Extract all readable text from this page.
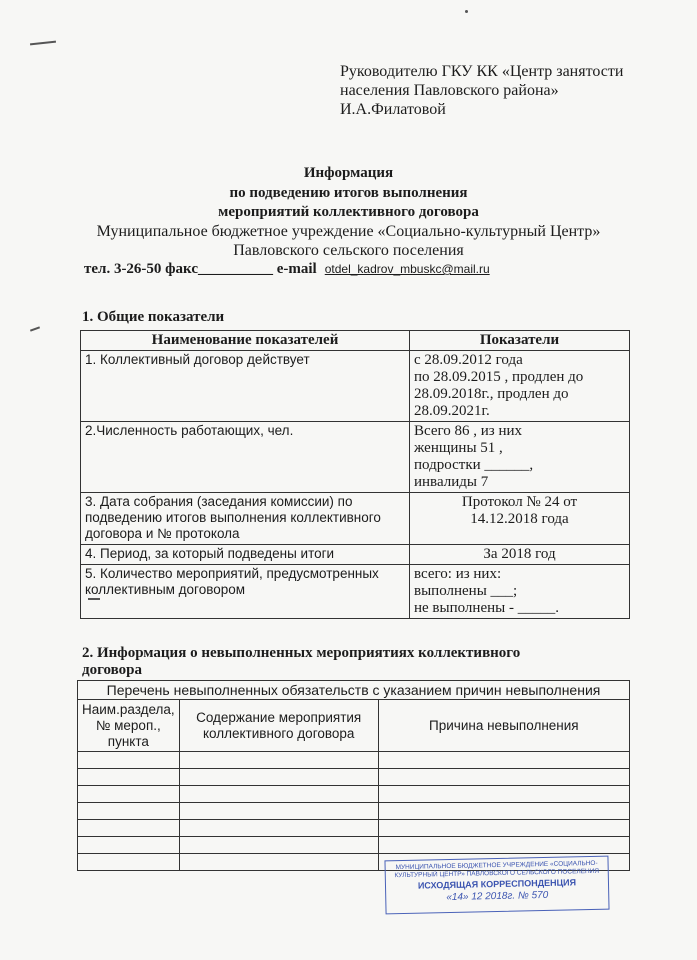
Руководителю ГКУ КК «Центр занятости
населения Павловского района»
И.А.Филатовой
Информация
по подведению итогов выполнения
мероприятий коллективного договора
Муниципальное бюджетное учреждение «Социально-культурный Центр»
Павловского сельского поселения
тел. 3-26-50 факс__________ е-mail otdel_kadrov_mbuskc@mail.ru
1. Общие показатели
Наименование показателей	Показатели
1. Коллективный договор действует	с 28.09.2012 года
по 28.09.2015 , продлен до
28.09.2018г., продлен до
28.09.2021г.

2.Численность работающих, чел.	Всего 86 , из них
женщины 51 ,
подростки ______,
инвалиды 7

3. Дата собрания (заседания комиссии) по подведению итогов выполнения коллективного договора и № протокола	Протокол № 24 от
14.12.2018 года

4. Период, за который подведены итоги	За 2018 год

5. Количество мероприятий, предусмотренных коллективным договором	всего: из них:
выполнены ___;
не выполнены - _____.
2. Информация о невыполненных мероприятиях коллективного
договора
Перечень невыполненных обязательств с указанием причин невыполнения		
Наим.раздела, № мероп., пункта	Содержание мероприятия коллективного договора	Причина невыполнения

МУНИЦИПАЛЬНОЕ БЮДЖЕТНОЕ УЧРЕЖДЕНИЕ «СОЦИАЛЬНО-
КУЛЬТУРНЫЙ ЦЕНТР» ПАВЛОВСКОГО СЕЛЬСКОГО ПОСЕЛЕНИЯ
ИСХОДЯЩАЯ КОРРЕСПОНДЕНЦИЯ
«14» 12 2018г. № 570
